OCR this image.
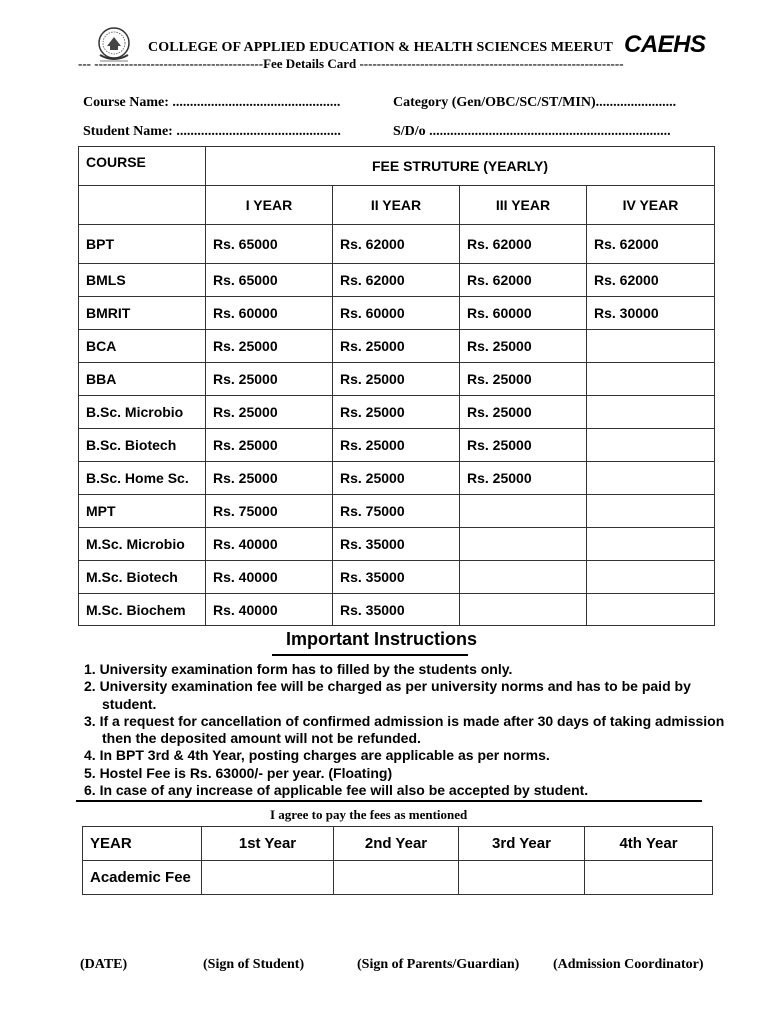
COLLEGE OF APPLIED EDUCATION & HEALTH SCIENCES MEERUT CAEHS
--- ---------------------------------------Fee Details Card -------------------------------------------------------------
Course Name: ................................................	Category (Gen/OBC/SC/ST/MIN).......................
Student Name: ...............................................	S/D/o .....................................................................
COURSE	FEE STRUTURE (YEARLY)			
	I YEAR	II YEAR	III YEAR	IV YEAR
BPT	Rs. 65000	Rs. 62000	Rs. 62000	Rs. 62000
BMLS	Rs. 65000	Rs. 62000	Rs. 62000	Rs. 62000
BMRIT	Rs. 60000	Rs. 60000	Rs. 60000	Rs. 30000
BCA	Rs. 25000	Rs. 25000	Rs. 25000	
BBA	Rs. 25000	Rs. 25000	Rs. 25000	
B.Sc. Microbio	Rs. 25000	Rs. 25000	Rs. 25000	
B.Sc. Biotech	Rs. 25000	Rs. 25000	Rs. 25000	
B.Sc. Home Sc.	Rs. 25000	Rs. 25000	Rs. 25000	
MPT	Rs. 75000	Rs. 75000		
M.Sc. Microbio	Rs. 40000	Rs. 35000		
M.Sc. Biotech	Rs. 40000	Rs. 35000		
M.Sc. Biochem	Rs. 40000	Rs. 35000		
Important Instructions
1. University examination form has to filled by the students only.
2. University examination fee will be charged as per university norms and has to be paid by student.
3. If a request for cancellation of confirmed admission is made after 30 days of taking admission then the deposited amount will not be refunded.
4. In BPT 3rd & 4th Year, posting charges are applicable as per norms.
5. Hostel Fee is Rs. 63000/- per year. (Floating)
6. In case of any increase of applicable fee will also be accepted by student.
I agree to pay the fees as mentioned
YEAR	1st Year	2nd Year	3rd Year	4th Year
Academic Fee				
(DATE)	(Sign of Student)	(Sign of Parents/Guardian) (Admission Coordinator)
